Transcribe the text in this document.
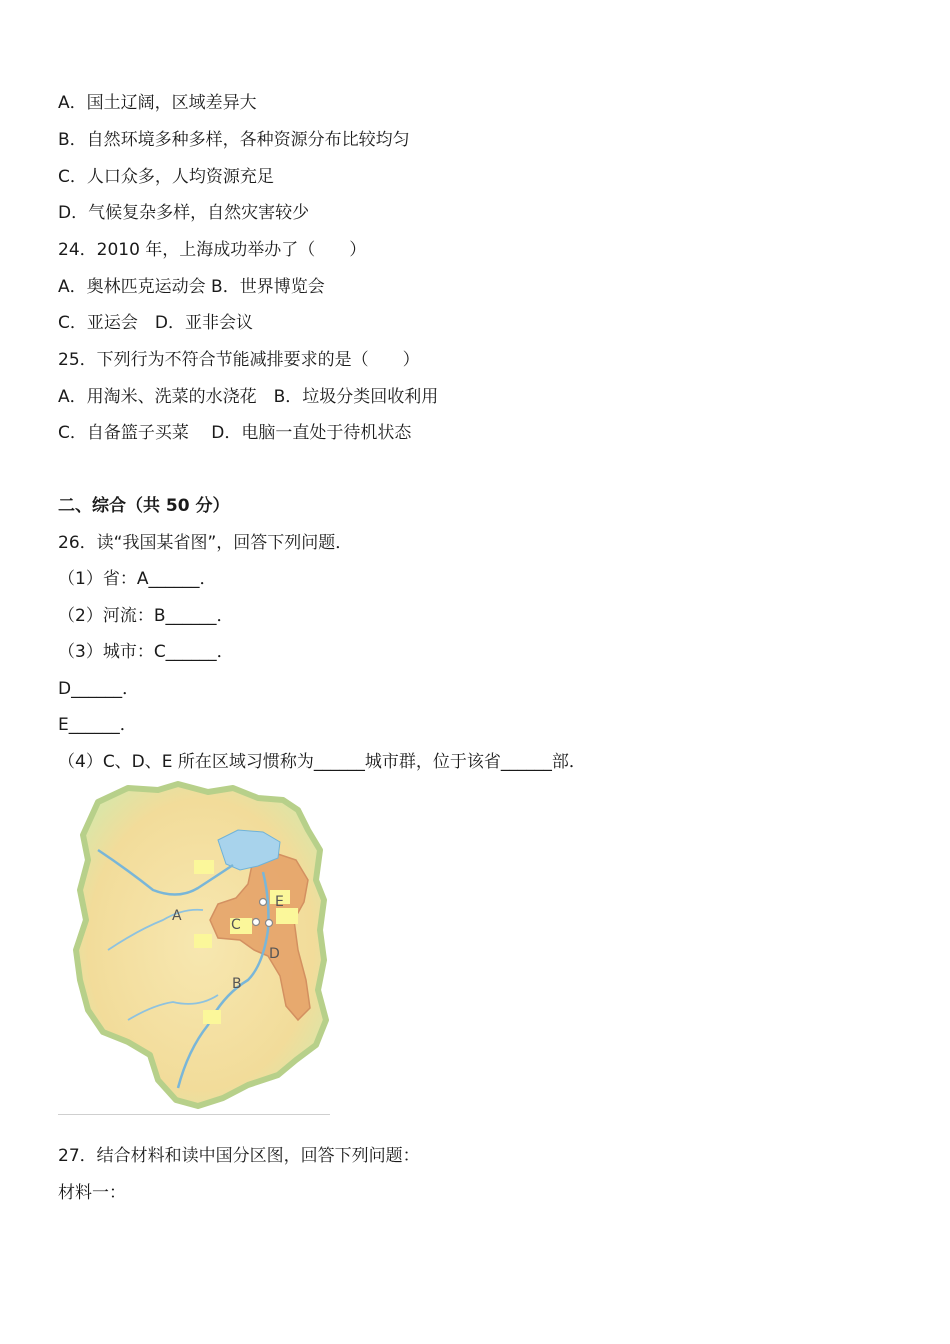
A．国土辽阔，区域差异大
B．自然环境多种多样，各种资源分布比较均匀
C．人口众多，人均资源充足
D．气候复杂多样，自然灾害较少
24．2010 年，上海成功举办了（　　）
A．奥林匹克运动会 B．世界博览会
C．亚运会　D．亚非会议
25．下列行为不符合节能减排要求的是（　　）
A．用淘米、洗菜的水浇花　B．垃圾分类回收利用
C．自备篮子买菜　 D．电脑一直处于待机状态
二、综合（共 50 分）
26．读“我国某省图”，回答下列问题．
（1）省：A______．
（2）河流：B______．
（3）城市：C______．
D______．
E______．
（4）C、D、E 所在区域习惯称为______城市群，位于该省______部．
A
B
C
D
E
27．结合材料和读中国分区图，回答下列问题：
材料一：
